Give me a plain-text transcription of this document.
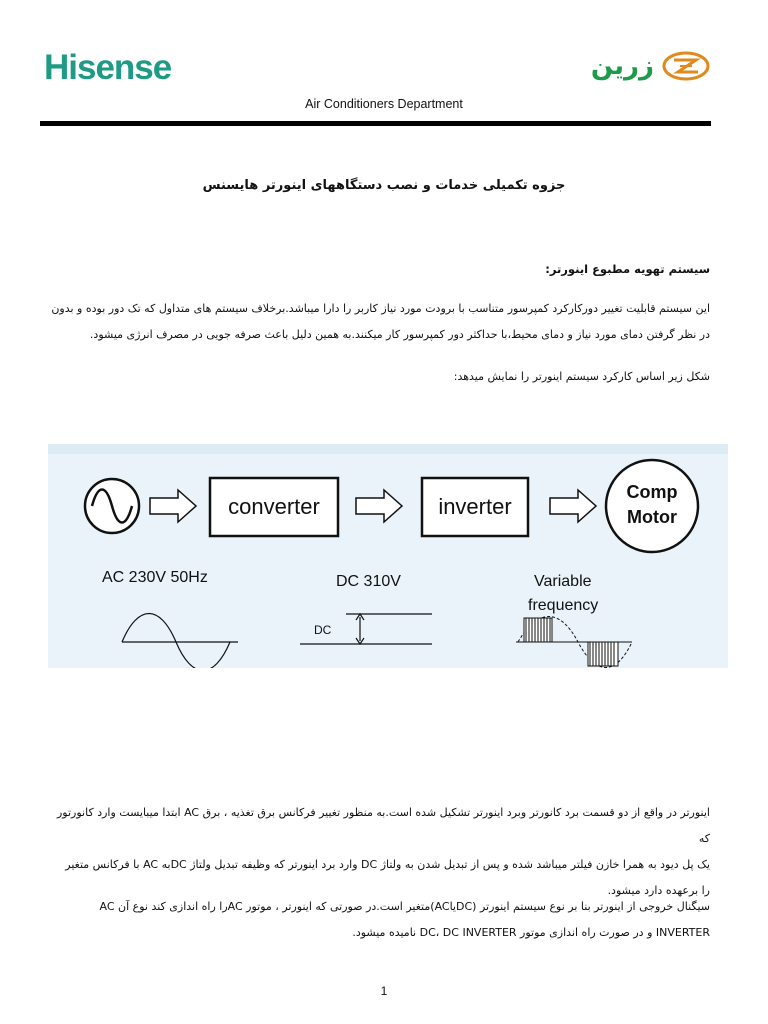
Hisense	زرین
Air Conditioners Department
جزوه تکمیلی خدمات و نصب دستگاههای اینورتر هایسنس
سیستم تهویه مطبوع اینورتر:
این سیستم قابلیت تغییر دورکارکرد کمپرسور متناسب با برودت مورد نیاز کاربر را دارا میباشد.برخلاف سیستم های متداول که تک دور بوده و بدون
در نظر گرفتن دمای مورد نیاز و دمای محیط،با حداکثر دور کمپرسور کار میکنند.به همین دلیل باعث صرفه جویی در مصرف انرژی میشود.
شکل زیر اساس کارکرد سیستم اینورتر را نمایش میدهد:
converter	inverter
Comp
Motor
AC 230V 50Hz	DC 310V	Variable
frequency
DC
اینورتر در واقع از دو قسمت برد کانورتر وبرد اینورتر تشکیل شده است.به منظور تغییر فرکانس برق تغذیه ، برق AC ابتدا میبایست وارد کانورتور که
یک پل دیود به همرا خازن فیلتر میباشد شده و پس از تبدیل شدن به ولتاژ DC وارد برد اینورتر که وظیفه تبدیل ولتاژ DCبه AC با فرکانس متغیر
را برعهده دارد میشود.
سیگنال خروجی از اینورتر بنا بر نوع سیستم اینورتر (DCیاAC)متغیر است.در صورتی که اینورتر ، موتور ACرا راه اندازی کند نوع آن AC
INVERTER و در صورت راه اندازی موتور DC، DC INVERTER نامیده میشود.
1
